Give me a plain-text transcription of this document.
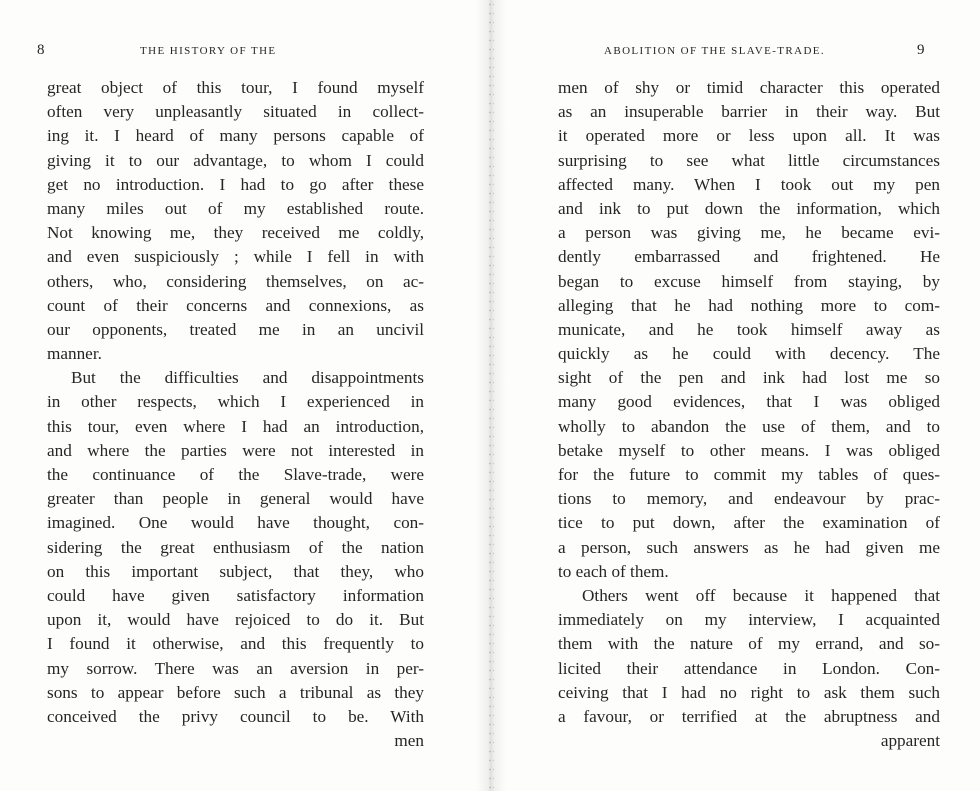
8	THE HISTORY OF THE
great object of this tour, I found myself
often very unpleasantly situated in collect-
ing it. I heard of many persons capable of
giving it to our advantage, to whom I could
get no introduction. I had to go after these
many miles out of my established route.
Not knowing me, they received me coldly,
and even suspiciously ; while I fell in with
others, who, considering themselves, on ac-
count of their concerns and connexions, as
our opponents, treated me in an uncivil
manner.
But the difficulties and disappointments
in other respects, which I experienced in
this tour, even where I had an introduction,
and where the parties were not interested in
the continuance of the Slave-trade, were
greater than people in general would have
imagined. One would have thought, con-
sidering the great enthusiasm of the nation
on this important subject, that they, who
could have given satisfactory information
upon it, would have rejoiced to do it. But
I found it otherwise, and this frequently to
my sorrow. There was an aversion in per-
sons to appear before such a tribunal as they
conceived the privy council to be. With
men
ABOLITION OF THE SLAVE-TRADE.	9
men of shy or timid character this operated
as an insuperable barrier in their way. But
it operated more or less upon all. It was
surprising to see what little circumstances
affected many. When I took out my pen
and ink to put down the information, which
a person was giving me, he became evi-
dently embarrassed and frightened. He
began to excuse himself from staying, by
alleging that he had nothing more to com-
municate, and he took himself away as
quickly as he could with decency. The
sight of the pen and ink had lost me so
many good evidences, that I was obliged
wholly to abandon the use of them, and to
betake myself to other means. I was obliged
for the future to commit my tables of ques-
tions to memory, and endeavour by prac-
tice to put down, after the examination of
a person, such answers as he had given me
to each of them.
Others went off because it happened that
immediately on my interview, I acquainted
them with the nature of my errand, and so-
licited their attendance in London. Con-
ceiving that I had no right to ask them such
a favour, or terrified at the abruptness and
apparent
